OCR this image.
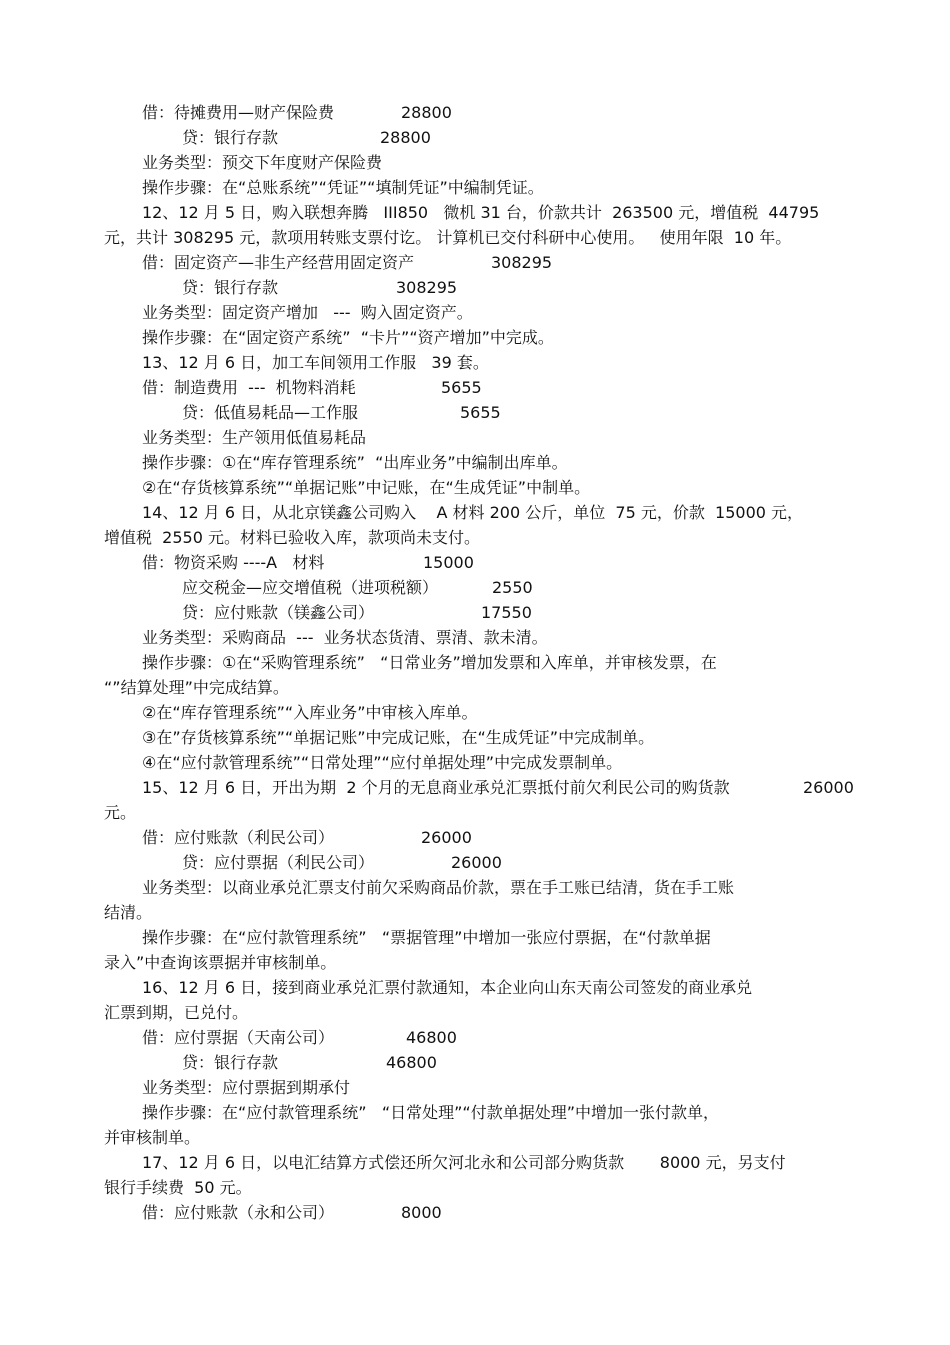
借：待摊费用—财产保险费
贷：银行存款
业务类型：预交下年度财产保险费
操作步骤：在“总账系统”“凭证”“填制凭证”中编制凭证。
12、12 月 5 日，购入联想奔腾   III850   微机 31 台，价款共计  263500 元，增值税  44795
元，共计 308295 元，款项用转账支票付讫。 计算机已交付科研中心使用。   使用年限  10 年。
借：固定资产—非生产经营用固定资产
贷：银行存款
业务类型：固定资产增加   ---  购入固定资产。
操作步骤：在“固定资产系统”  “卡片”“资产增加”中完成。
13、12 月 6 日，加工车间领用工作服   39 套。
借：制造费用  ---  机物料消耗
贷：低值易耗品—工作服
业务类型：生产领用低值易耗品
操作步骤：①在“库存管理系统”  “出库业务”中编制出库单。
②在“存货核算系统”“单据记账”中记账，在“生成凭证”中制单。
14、12 月 6 日，从北京镁鑫公司购入    A 材料 200 公斤，单位  75 元，价款  15000 元，
增值税  2550 元。材料已验收入库，款项尚未支付。
借：物资采购 ----A   材料
应交税金—应交增值税（进项税额）
贷：应付账款（镁鑫公司）
业务类型：采购商品  ---  业务状态货清、票清、款未清。
操作步骤：①在“采购管理系统”   “日常业务”增加发票和入库单，并审核发票，在
“”结算处理”中完成结算。
②在“库存管理系统”“入库业务”中审核入库单。
③在”存货核算系统”“单据记账”中完成记账，在“生成凭证”中完成制单。
④在“应付款管理系统”“日常处理”“应付单据处理”中完成发票制单。
15、12 月 6 日，开出为期  2 个月的无息商业承兑汇票抵付前欠利民公司的购货款
元。
借：应付账款（利民公司）
贷：应付票据（利民公司）
业务类型：以商业承兑汇票支付前欠采购商品价款，票在手工账已结清，货在手工账
结清。
操作步骤：在“应付款管理系统”   “票据管理”中增加一张应付票据，在“付款单据
录入”中查询该票据并审核制单。
16、12 月 6 日，接到商业承兑汇票付款通知，本企业向山东天南公司签发的商业承兑
汇票到期，已兑付。
借：应付票据（天南公司）
贷：银行存款
业务类型：应付票据到期承付
操作步骤：在“应付款管理系统”   “日常处理”“付款单据处理”中增加一张付款单，
并审核制单。
17、12 月 6 日，以电汇结算方式偿还所欠河北永和公司部分购货款       8000 元，另支付
银行手续费  50 元。
借：应付账款（永和公司）
28800
28800
308295
308295
5655
5655
15000
2550
17550
26000
26000
26000
46800
46800
8000
